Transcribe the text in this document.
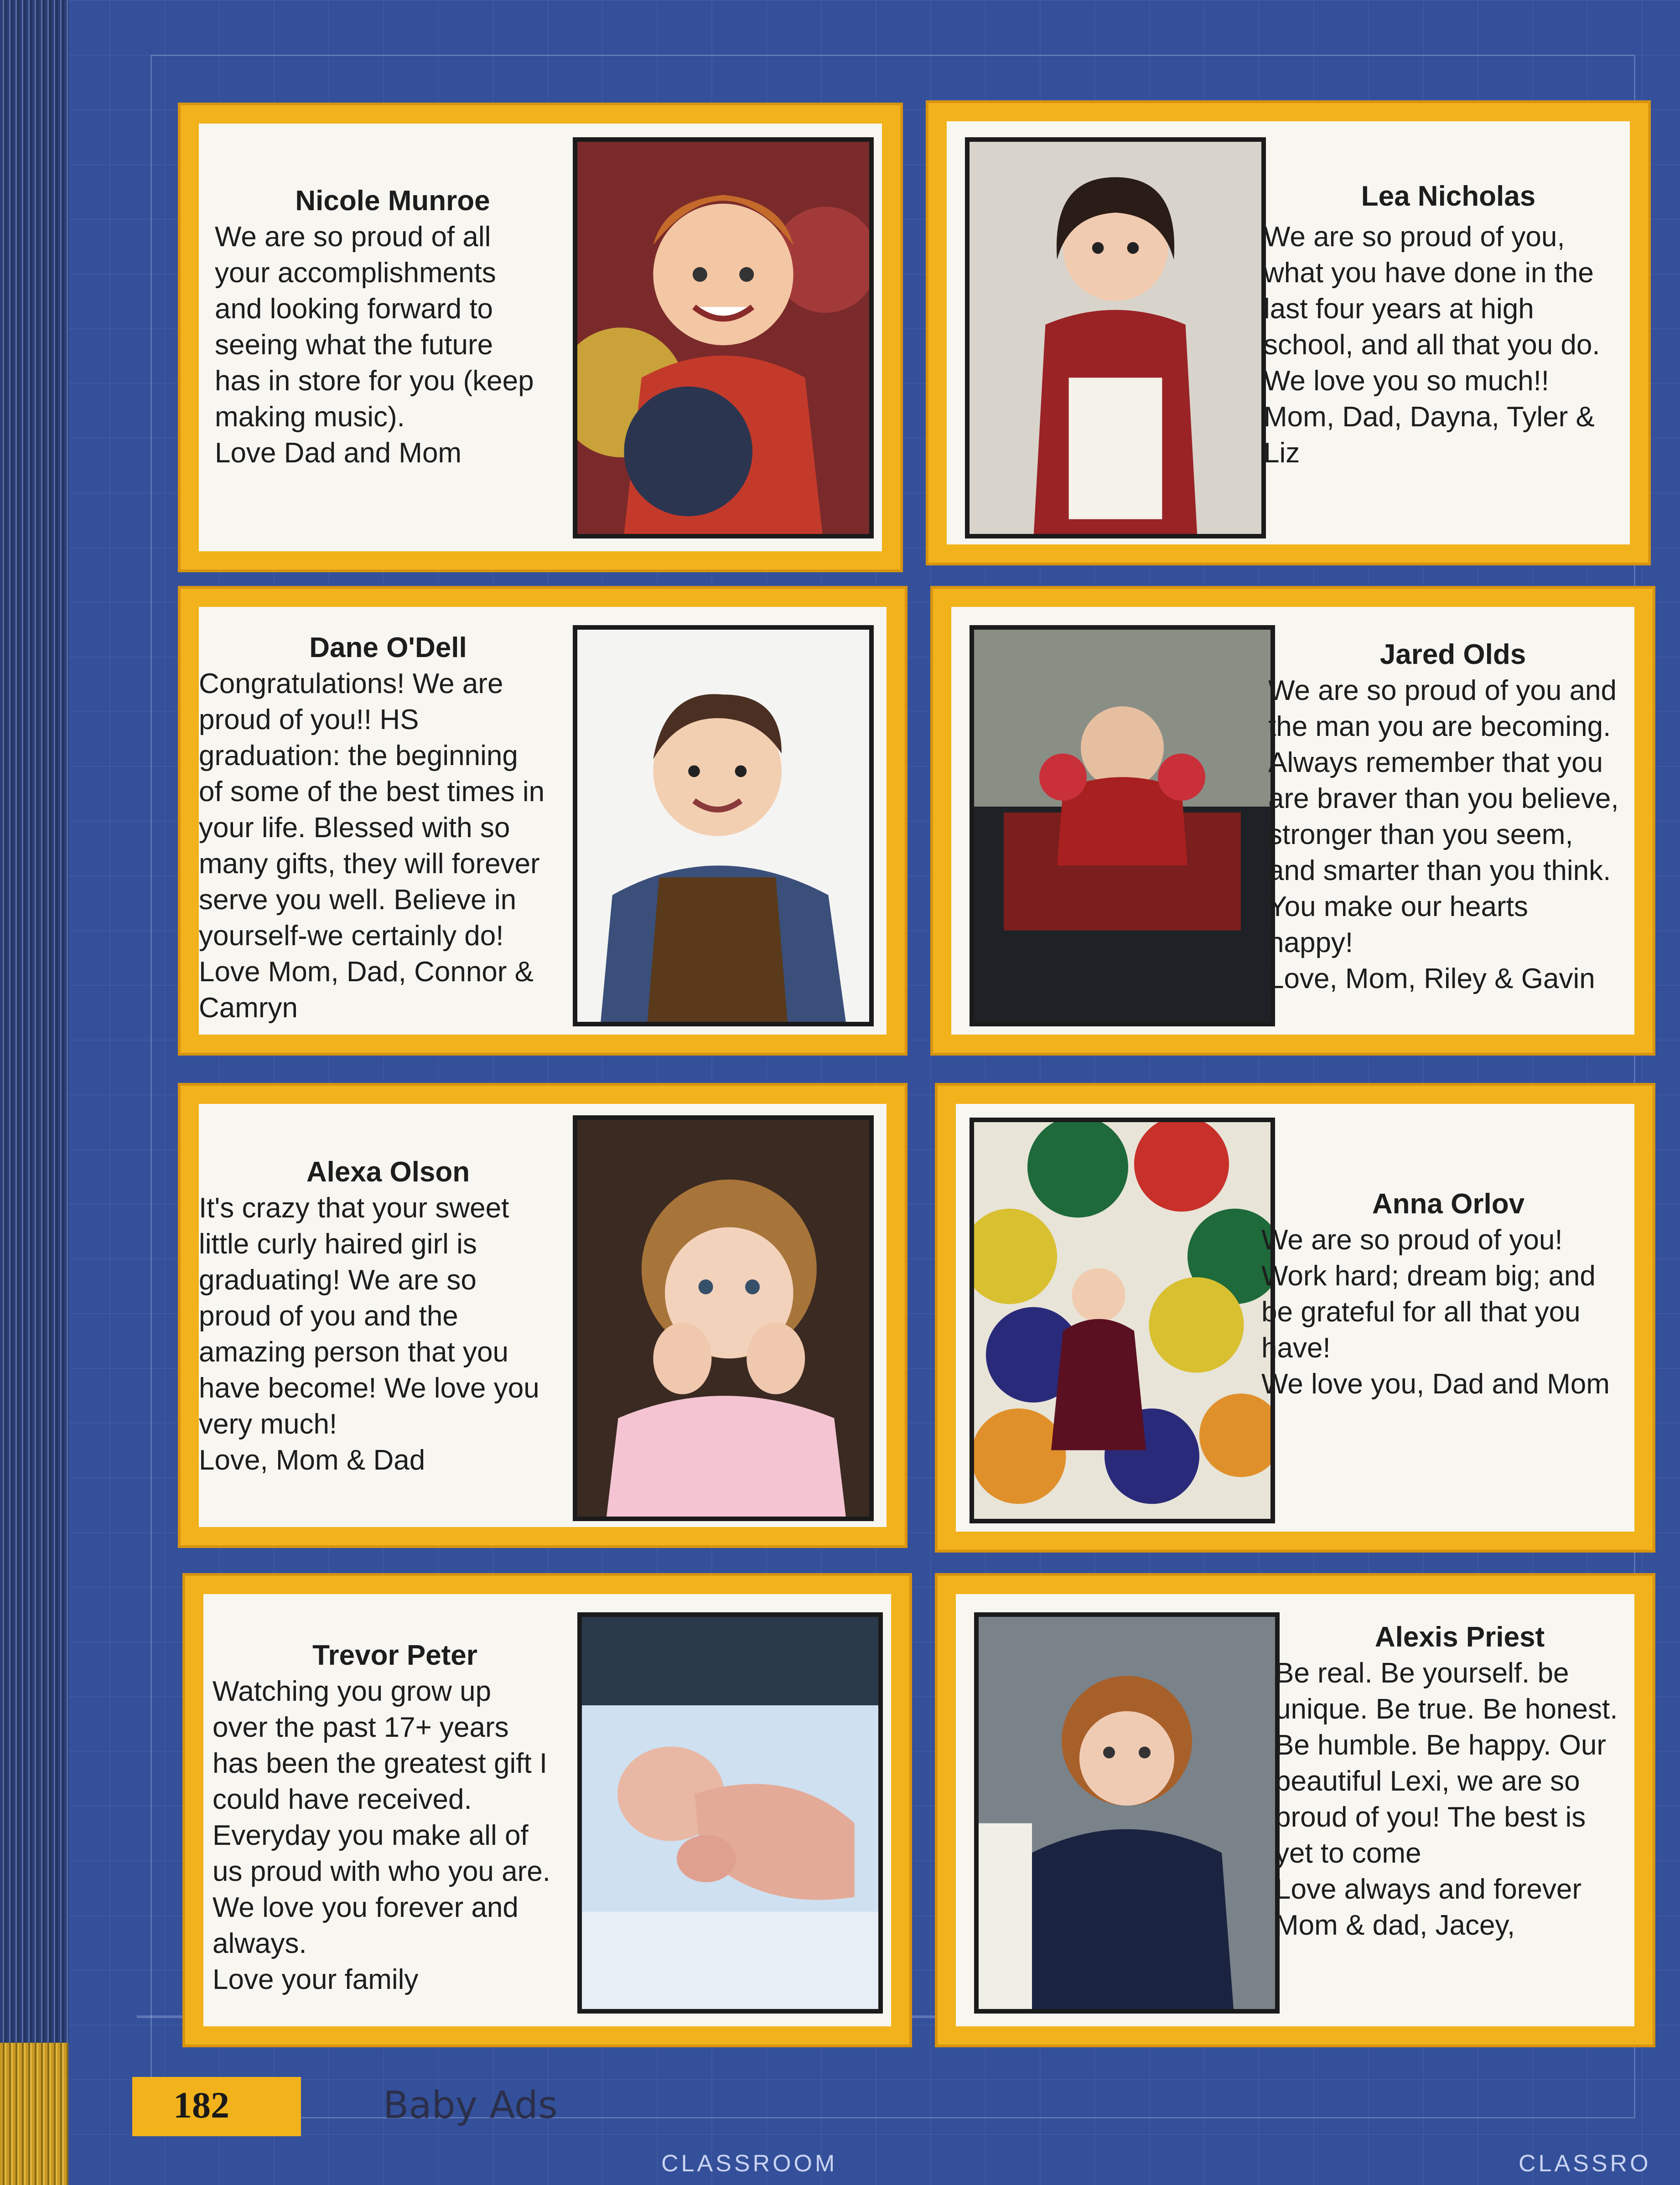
Nicole Munroe
We are so proud of all
your accomplishments
and looking forward to
seeing what the future
has in store for you (keep
making music).
Love Dad and Mom
Lea Nicholas
We are so proud of you,
what you have done in the
last four years at high
school, and all that you do.
We love you so much!!
Mom, Dad, Dayna, Tyler &
Liz
Dane O'Dell
Congratulations! We are
proud of you!! HS
graduation: the beginning
of some of the best times in
your life. Blessed with so
many gifts, they will forever
serve you well. Believe in
yourself-we certainly do!
Love Mom, Dad, Connor &
Camryn
Jared Olds
We are so proud of you and
the man you are becoming.
Always remember that you
are braver than you believe,
stronger than you seem,
and smarter than you think.
You make our hearts
happy!
Love, Mom, Riley & Gavin
Alexa Olson
It's crazy that your sweet
little curly haired girl is
graduating! We are so
proud of you and the
amazing person that you
have become! We love you
very much!
Love, Mom & Dad
Anna Orlov
We are so proud of you!
Work hard; dream big; and
be grateful for all that you
have!
We love you, Dad and Mom
Trevor Peter
Watching you grow up
over the past 17+ years
has been the greatest gift I
could have received.
Everyday you make all of
us proud with who you are.
We love you forever and
always.
Love your family
Alexis Priest
Be real. Be yourself. be
unique. Be true. Be honest.
Be humble. Be happy. Our
beautiful Lexi, we are so
proud of you! The best is
yet to come
Love always and forever
Mom & dad, Jacey,
182	Baby Ads
CLASSROOM	CLASSRO
